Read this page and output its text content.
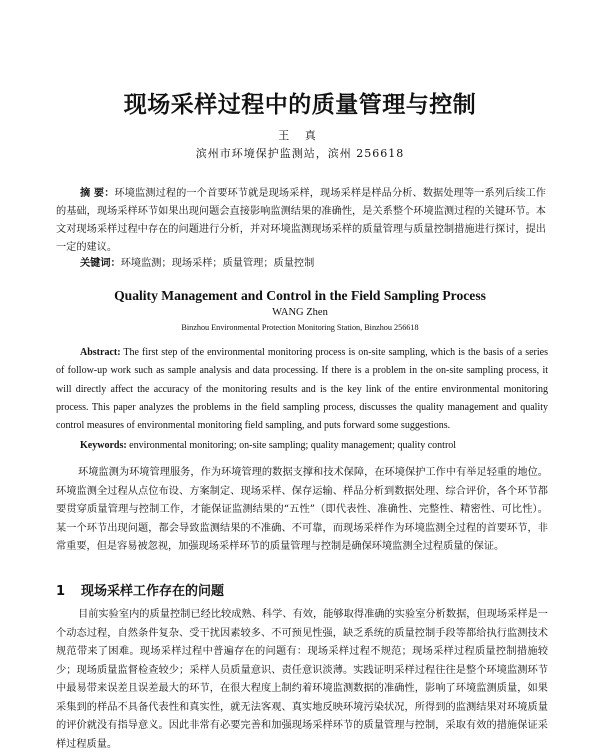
现场采样过程中的质量管理与控制
王 真
滨州市环境保护监测站，滨州 256618
摘 要：环境监测过程的一个首要环节就是现场采样，现场采样是样品分析、数据处理等一系列后续工作的基础，现场采样环节如果出现问题会直接影响监测结果的准确性，是关系整个环境监测过程的关键环节。本文对现场采样过程中存在的问题进行分析，并对环境监测现场采样的质量管理与质量控制措施进行探讨，提出一定的建议。
关键词：环境监测；现场采样；质量管理；质量控制
Quality Management and Control in the Field Sampling Process
WANG Zhen
Binzhou Environmental Protection Monitoring Station, Binzhou 256618
Abstract: The first step of the environmental monitoring process is on-site sampling, which is the basis of a series of follow-up work such as sample analysis and data processing. If there is a problem in the on-site sampling process, it will directly affect the accuracy of the monitoring results and is the key link of the entire environmental monitoring process. This paper analyzes the problems in the field sampling process, discusses the quality management and quality control measures of environmental monitoring field sampling, and puts forward some suggestions.
Keywords: environmental monitoring; on-site sampling; quality management; quality control
环境监测为环境管理服务，作为环境管理的数据支撑和技术保障，在环境保护工作中有举足轻重的地位。环境监测全过程从点位布设、方案制定、现场采样、保存运输、样品分析到数据处理、综合评价，各个环节都要贯穿质量管理与控制工作，才能保证监测结果的“五性”（即代表性、准确性、完整性、精密性、可比性）。某一个环节出现问题，都会导致监测结果的不准确、不可靠，而现场采样作为环境监测全过程的首要环节，非常重要，但是容易被忽视，加强现场采样环节的质量管理与控制是确保环境监测全过程质量的保证。
1 现场采样工作存在的问题
目前实验室内的质量控制已经比较成熟、科学、有效，能够取得准确的实验室分析数据，但现场采样是一个动态过程，自然条件复杂、受干扰因素较多、不可预见性强，缺乏系统的质量控制手段等都给执行监测技术规范带来了困难。现场采样过程中普遍存在的问题有：现场采样过程不规范；现场采样过程质量控制措施较少；现场质量监督检查较少；采样人员质量意识、责任意识淡薄。实践证明采样过程往往是整个环境监测环节中最易带来误差且误差最大的环节，在很大程度上制约着环境监测数据的准确性，影响了环境监测质量，如果采集到的样品不具备代表性和真实性，就无法客观、真实地反映环境污染状况，所得到的监测结果对环境质量的评价就没有指导意义。因此非常有必要完善和加强现场采样环节的质量管理与控制，采取有效的措施保证采样过程质量。
